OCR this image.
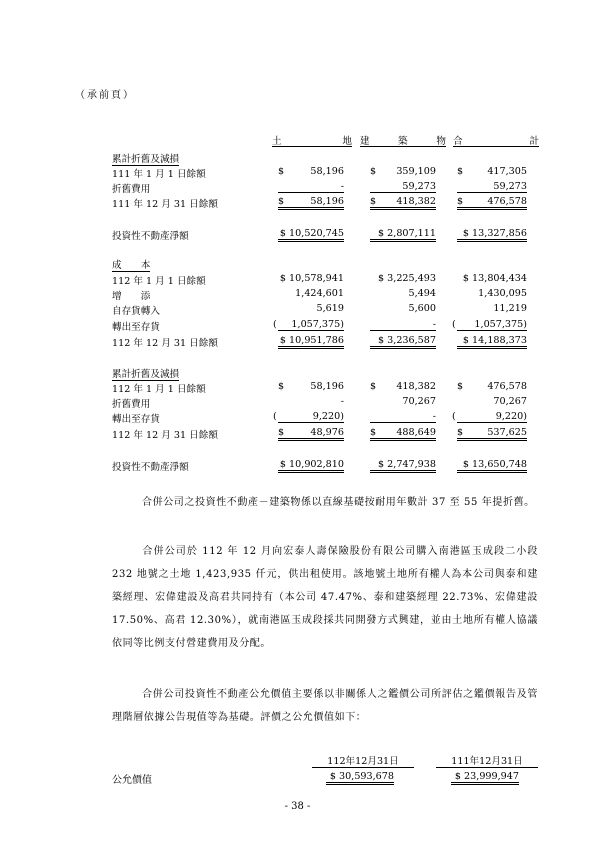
（承前頁）
土	地 建	築	物 合	計
累計折舊及減損
111 年 1 月 1 日餘額	$	58,196	$ 359,109 $	417,305
折舊費用	-	59,273	59,273
111 年 12 月 31 日餘額	$	58,196	$ 418,382 $	476,578
投資性不動產淨額	$ 10,520,745	$ 2,807,111	$ 13,327,856
成　　本
112 年 1 月 1 日餘額	$ 10,578,941	$ 3,225,493	$ 13,804,434
增　　添	1,424,601	5,494	1,430,095
自存貨轉入	5,619	5,600	11,219
轉出至存貨	( 1,057,375)	- ( 1,057,375)
112 年 12 月 31 日餘額	$ 10,951,786	$ 3,236,587	$ 14,188,373
累計折舊及減損
112 年 1 月 1 日餘額	$	58,196	$ 418,382 $	476,578
折舊費用	-	70,267	70,267
轉出至存貨	(	9,220)	- (	9,220)
112 年 12 月 31 日餘額	$	48,976	$ 488,649 $	537,625
投資性不動產淨額	$ 10,902,810	$ 2,747,938	$ 13,650,748
合併公司之投資性不動產－建築物係以直線基礎按耐用年數計 37 至 55 年提折舊。
合併公司於 112 年 12 月向宏泰人壽保險股份有限公司購入南港區玉成段二小段 232 地號之土地 1,423,935 仟元，供出租使用。該地號土地所有權人為本公司與泰和建築經理、宏偉建設及高君共同持有（本公司 47.47%、泰和建築經理 22.73%、宏偉建設 17.50%、高君 12.30%），就南港區玉成段採共同開發方式興建，並由土地所有權人協議依同等比例支付營建費用及分配。
合併公司投資性不動產公允價值主要係以非關係人之鑑價公司所評估之鑑價報告及管理階層依據公告現值等為基礎。評價之公允價值如下：
112年12月31日	111年12月31日
公允價值	$ 30,593,678	$ 23,999,947
- 38 -
